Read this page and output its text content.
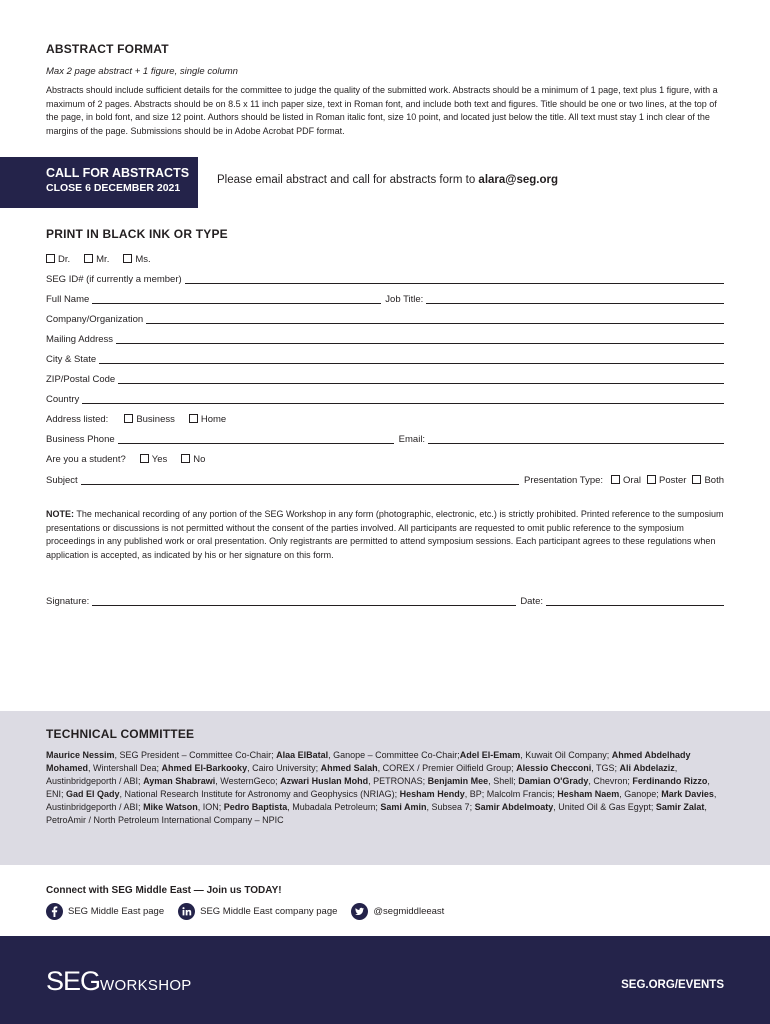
ABSTRACT FORMAT
Max 2 page abstract + 1 figure, single column
Abstracts should include sufficient details for the committee to judge the quality of the submitted work. Abstracts should be a minimum of 1 page, text plus 1 figure, with a maximum of 2 pages. Abstracts should be on 8.5 x 11 inch paper size, text in Roman font, and include both text and figures. Title should be one or two lines, at the top of the page, in bold font, and size 12 point. Authors should be listed in Roman italic font, size 10 point, and located just below the title. All text must stay 1 inch clear of the margins of the page. Submissions should be in Adobe Acrobat PDF format.
CALL FOR ABSTRACTS
CLOSE 6 DECEMBER 2021
Please email abstract and call for abstracts form to alara@seg.org
PRINT IN BLACK INK OR TYPE
Dr.	Mr.	Ms.
SEG ID# (if currently a member)
Full Name	Job Title:
Company/Organization
Mailing Address
City & State
ZIP/Postal Code
Country
Address listed:	Business	Home
Business Phone	Email:
Are you a student?	Yes	No
Subject	Presentation Type:	Oral	Poster	Both
NOTE: The mechanical recording of any portion of the SEG Workshop in any form (photographic, electronic, etc.) is strictly prohibited. Printed reference to the sumposium presentations or discussions is not permitted without the consent of the parties involved. All participants are requested to omit public reference to the symposium proceedings in any published work or oral presentation. Only registrants are permitted to attend symposium sessions. Each participant agrees to these regulations when application is accepted, as indicated by his or her signature on this form.
Signature:	Date:
TECHNICAL COMMITTEE
Maurice Nessim, SEG President – Committee Co-Chair; Alaa ElBatal, Ganope – Committee Co-Chair;Adel El-Emam, Kuwait Oil Company; Ahmed Abdelhady Mohamed, Wintershall Dea; Ahmed El-Barkooky, Cairo University; Ahmed Salah, COREX / Premier Oilfield Group; Alessio Checconi, TGS; Ali Abdelaziz, Austinbridgeporth / ABI; Ayman Shabrawi, WesternGeco; Azwari Huslan Mohd, PETRONAS; Benjamin Mee, Shell; Damian O'Grady, Chevron; Ferdinando Rizzo, ENI; Gad El Qady, National Research Institute for Astronomy and Geophysics (NRIAG); Hesham Hendy, BP; Malcolm Francis; Hesham Naem, Ganope; Mark Davies, Austinbridgeporth / ABI; Mike Watson, ION; Pedro Baptista, Mubadala Petroleum; Sami Amin, Subsea 7; Samir Abdelmoaty, United Oil & Gas Egypt; Samir Zalat, PetroAmir / North Petroleum International Company – NPIC
Connect with SEG Middle East — Join us TODAY!
SEG Middle East page	SEG Middle East company page	@segmiddleeast
SEGWORKSHOP	SEG.ORG/EVENTS
